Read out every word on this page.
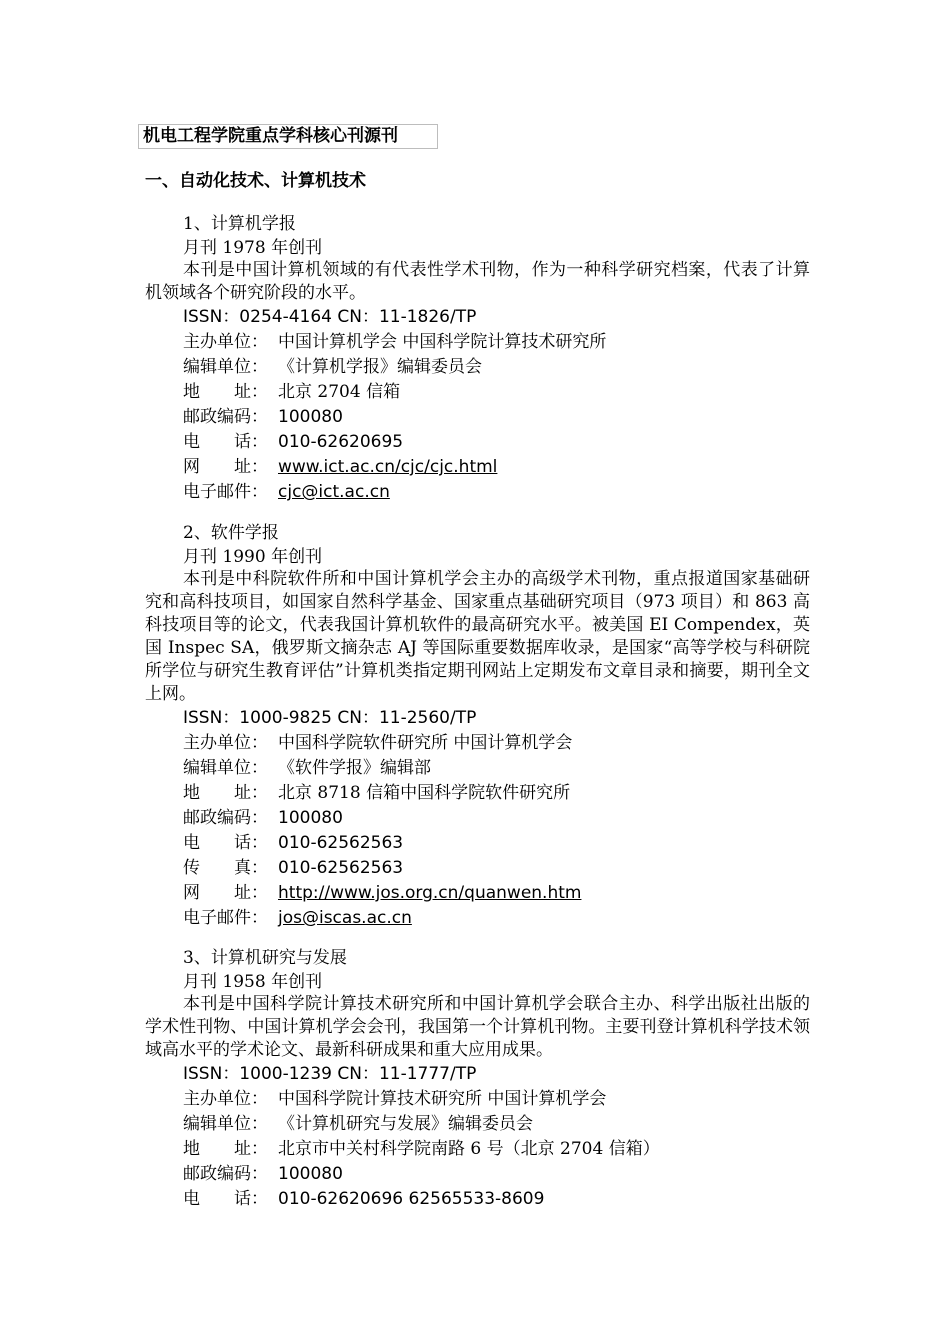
机电工程学院重点学科核心刊源刊
一、自动化技术、计算机技术
1、计算机学报
月刊 1978 年创刊
本刊是中国计算机领域的有代表性学术刊物，作为一种科学研究档案，代表了计算机领域各个研究阶段的水平。
ISSN：0254-4164 CN：11-1826/TP
主办单位： 中国计算机学会 中国科学院计算技术研究所
编辑单位： 《计算机学报》编辑委员会
地　　址： 北京 2704 信箱
邮政编码： 100080
电　　话： 010-62620695
网　　址： www.ict.ac.cn/cjc/cjc.html
电子邮件： cjc@ict.ac.cn
2、软件学报
月刊 1990 年创刊
本刊是中科院软件所和中国计算机学会主办的高级学术刊物，重点报道国家基础研究和高科技项目，如国家自然科学基金、国家重点基础研究项目（973 项目）和 863 高科技项目等的论文，代表我国计算机软件的最高研究水平。被美国 EI Compendex，英国 Inspec SA，俄罗斯文摘杂志 AJ 等国际重要数据库收录，是国家“高等学校与科研院所学位与研究生教育评估”计算机类指定期刊网站上定期发布文章目录和摘要，期刊全文上网。
ISSN：1000-9825 CN：11-2560/TP
主办单位： 中国科学院软件研究所 中国计算机学会
编辑单位： 《软件学报》编辑部
地　　址： 北京 8718 信箱中国科学院软件研究所
邮政编码： 100080
电　　话： 010-62562563
传　　真： 010-62562563
网　　址： http://www.jos.org.cn/quanwen.htm
电子邮件： jos@iscas.ac.cn
3、计算机研究与发展
月刊 1958 年创刊
本刊是中国科学院计算技术研究所和中国计算机学会联合主办、科学出版社出版的学术性刊物、中国计算机学会会刊，我国第一个计算机刊物。主要刊登计算机科学技术领域高水平的学术论文、最新科研成果和重大应用成果。
ISSN：1000-1239 CN：11-1777/TP
主办单位： 中国科学院计算技术研究所 中国计算机学会
编辑单位： 《计算机研究与发展》编辑委员会
地　　址： 北京市中关村科学院南路 6 号（北京 2704 信箱）
邮政编码： 100080
电　　话： 010-62620696 62565533-8609
